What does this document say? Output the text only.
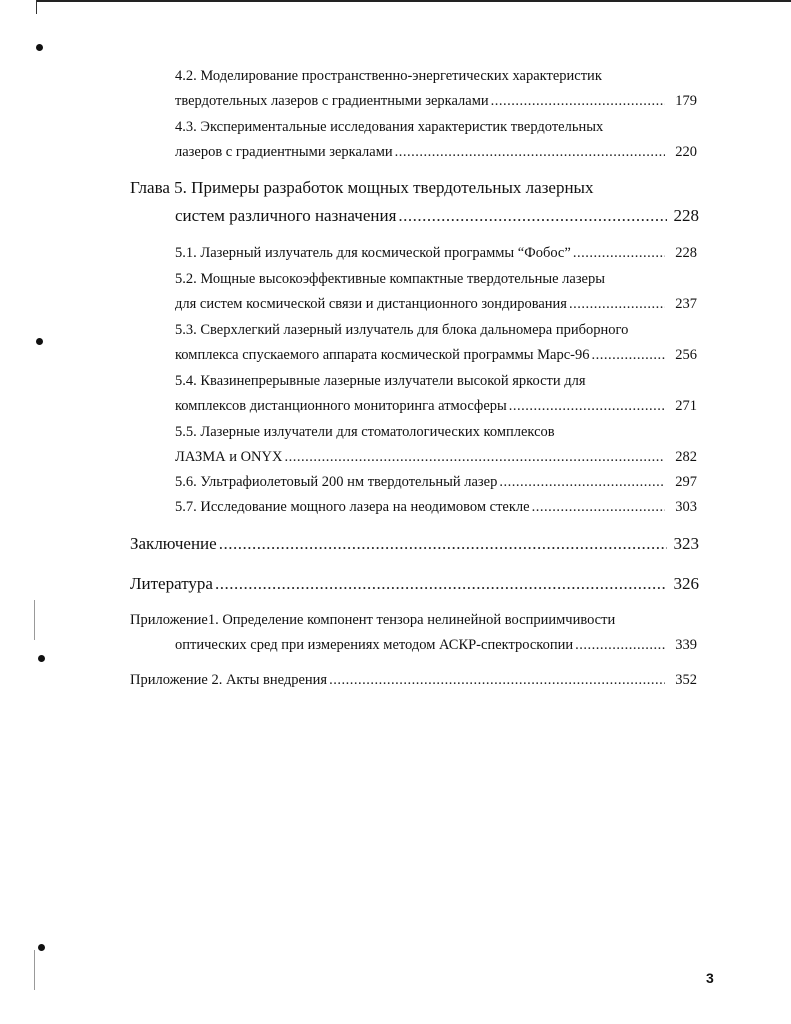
4.2. Моделирование пространственно-энергетических характеристик
твердотельных лазеров с градиентными зеркалами .....	179
4.3. Экспериментальные исследования характеристик твердотельных
лазеров с градиентными зеркалами .....	220
Глава 5. Примеры разработок мощных твердотельных лазерных
систем различного назначения .....	228
5.1. Лазерный излучатель для космической программы “Фобос” .....	228
5.2. Мощные высокоэффективные компактные твердотельные лазеры
для систем космической связи и дистанционного зондирования .....	237
5.3. Сверхлегкий лазерный излучатель для блока дальномера приборного
комплекса спускаемого аппарата космической программы Марс-96 .....	256
5.4. Квазинепрерывные лазерные излучатели высокой яркости для
комплексов дистанционного мониторинга атмосферы .....	271
5.5. Лазерные излучатели для стоматологических комплексов
ЛАЗМА и ONYX .....	282
5.6. Ультрафиолетовый 200 нм твердотельный лазер .....	297
5.7. Исследование мощного лазера на неодимовом стекле .....	303
Заключение .....	323
Литература .....	326
Приложение1. Определение компонент тензора нелинейной восприимчивости
оптических сред при измерениях методом АСКР-спектроскопии .....	339
Приложение 2. Акты внедрения .....	352
3
